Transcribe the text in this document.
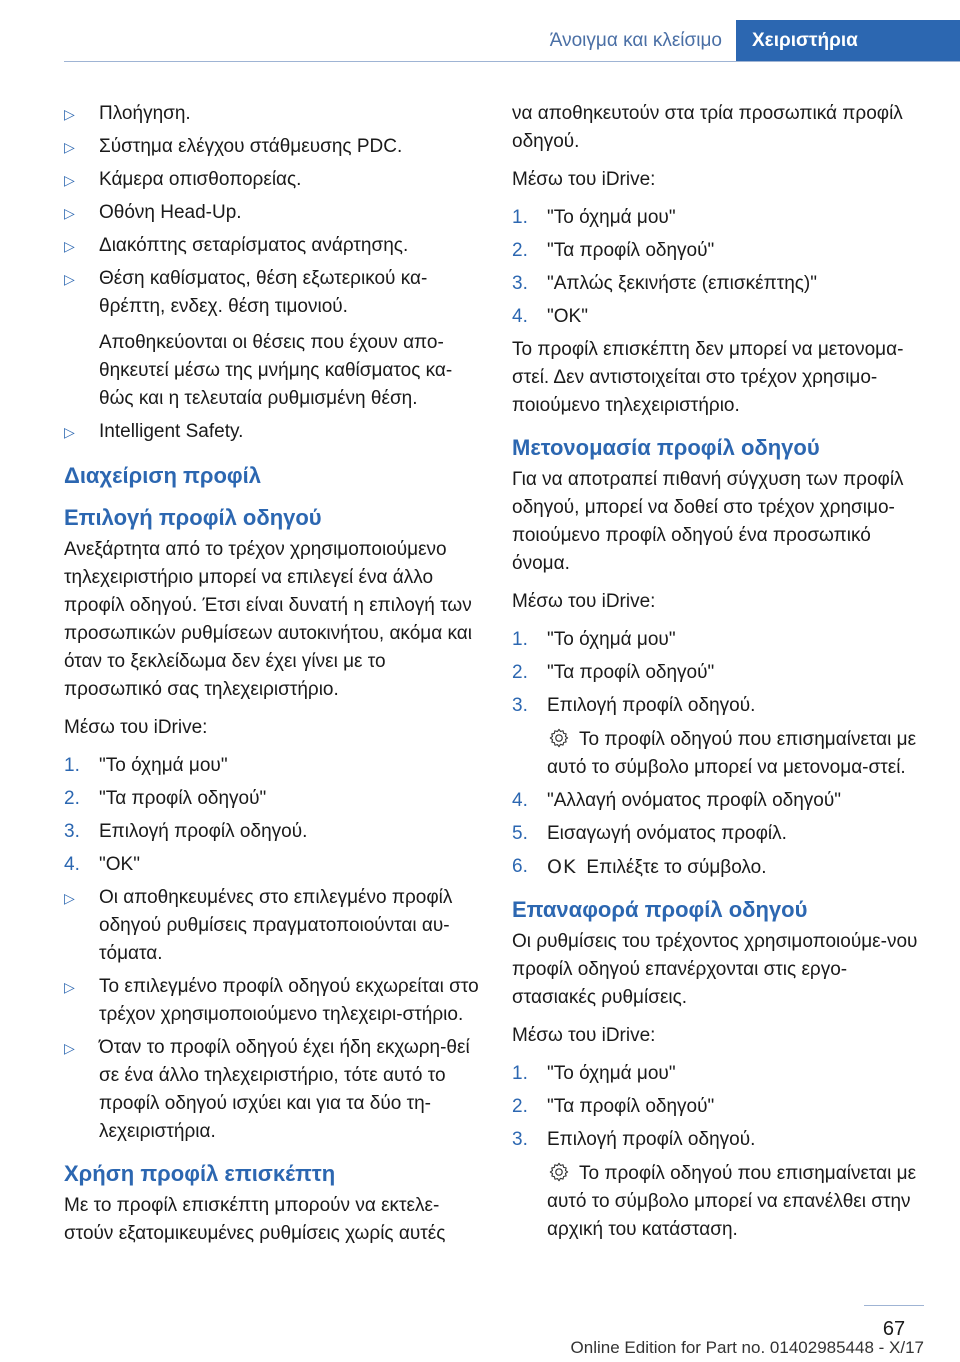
Άνοιγμα και κλείσιμο	Χειριστήρια
▷ Πλοήγηση.
▷ Σύστημα ελέγχου στάθμευσης PDC.
▷ Κάμερα οπισθοπορείας.
▷ Οθόνη Head-Up.
▷ Διακόπτης σεταρίσματος ανάρτησης.
▷ Θέση καθίσματος, θέση εξωτερικού κα-θρέπτη, ενδεχ. θέση τιμονιού.

Αποθηκεύονται οι θέσεις που έχουν απο-θηκευτεί μέσω της μνήμης καθίσματος κα-θώς και η τελευταία ρυθμισμένη θέση.

▷ Intelligent Safety.
Διαχείριση προφίλ
Επιλογή προφίλ οδηγού

Ανεξάρτητα από το τρέχον χρησιμοποιούμενο τηλεχειριστήριο μπορεί να επιλεγεί ένα άλλο προφίλ οδηγού. Έτσι είναι δυνατή η επιλογή των προσωπικών ρυθμίσεων αυτοκινήτου, ακόμα και όταν το ξεκλείδωμα δεν έχει γίνει με το προσωπικό σας τηλεχειριστήριο.

Μέσω του iDrive:

1. "Το όχημά μου"
2. "Τα προφίλ οδηγού"
3. Επιλογή προφίλ οδηγού.
4. "OK"
▷ Οι αποθηκευμένες στο επιλεγμένο προφίλ οδηγού ρυθμίσεις πραγματοποιούνται αυ-τόματα.
▷ Το επιλεγμένο προφίλ οδηγού εκχωρείται στο τρέχον χρησιμοποιούμενο τηλεχειρι-στήριο.
▷ Όταν το προφίλ οδηγού έχει ήδη εκχωρη-θεί σε ένα άλλο τηλεχειριστήριο, τότε αυτό το προφίλ οδηγού ισχύει και για τα δύο τη-λεχειριστήρια.
Χρήση προφίλ επισκέπτη

Με το προφίλ επισκέπτη μπορούν να εκτελε-στούν εξατομικευμένες ρυθμίσεις χωρίς αυτές

να αποθηκευτούν στα τρία προσωπικά προφίλ οδηγού.

Μέσω του iDrive:

1. "Το όχημά μου"
2. "Τα προφίλ οδηγού"
3. "Απλώς ξεκινήστε (επισκέπτης)"
4. "OK"

Το προφίλ επισκέπτη δεν μπορεί να μετονομα-στεί. Δεν αντιστοιχείται στο τρέχον χρησιμο-ποιούμενο τηλεχειριστήριο.

Μετονομασία προφίλ οδηγού

Για να αποτραπεί πιθανή σύγχυση των προφίλ οδηγού, μπορεί να δοθεί στο τρέχον χρησιμο-ποιούμενο προφίλ οδηγού ένα προσωπικό όνομα.

Μέσω του iDrive:

1. "Το όχημά μου"
2. "Τα προφίλ οδηγού"
3. Επιλογή προφίλ οδηγού.

Το προφίλ οδηγού που επισημαίνεται με αυτό το σύμβολο μπορεί να μετονομα-στεί.

4. "Αλλαγή ονόματος προφίλ οδηγού"
5. Εισαγωγή ονόματος προφίλ.
6. OK Επιλέξτε το σύμβολο.
Επαναφορά προφίλ οδηγού

Οι ρυθμίσεις του τρέχοντος χρησιμοποιούμε-νου προφίλ οδηγού επανέρχονται στις εργο-στασιακές ρυθμίσεις.

Μέσω του iDrive:

1. "Το όχημά μου"
2. "Τα προφίλ οδηγού"
3. Επιλογή προφίλ οδηγού.

Το προφίλ οδηγού που επισημαίνεται με αυτό το σύμβολο μπορεί να επανέλθει στην αρχική του κατάσταση.

67
Online Edition for Part no. 01402985448 - X/17
